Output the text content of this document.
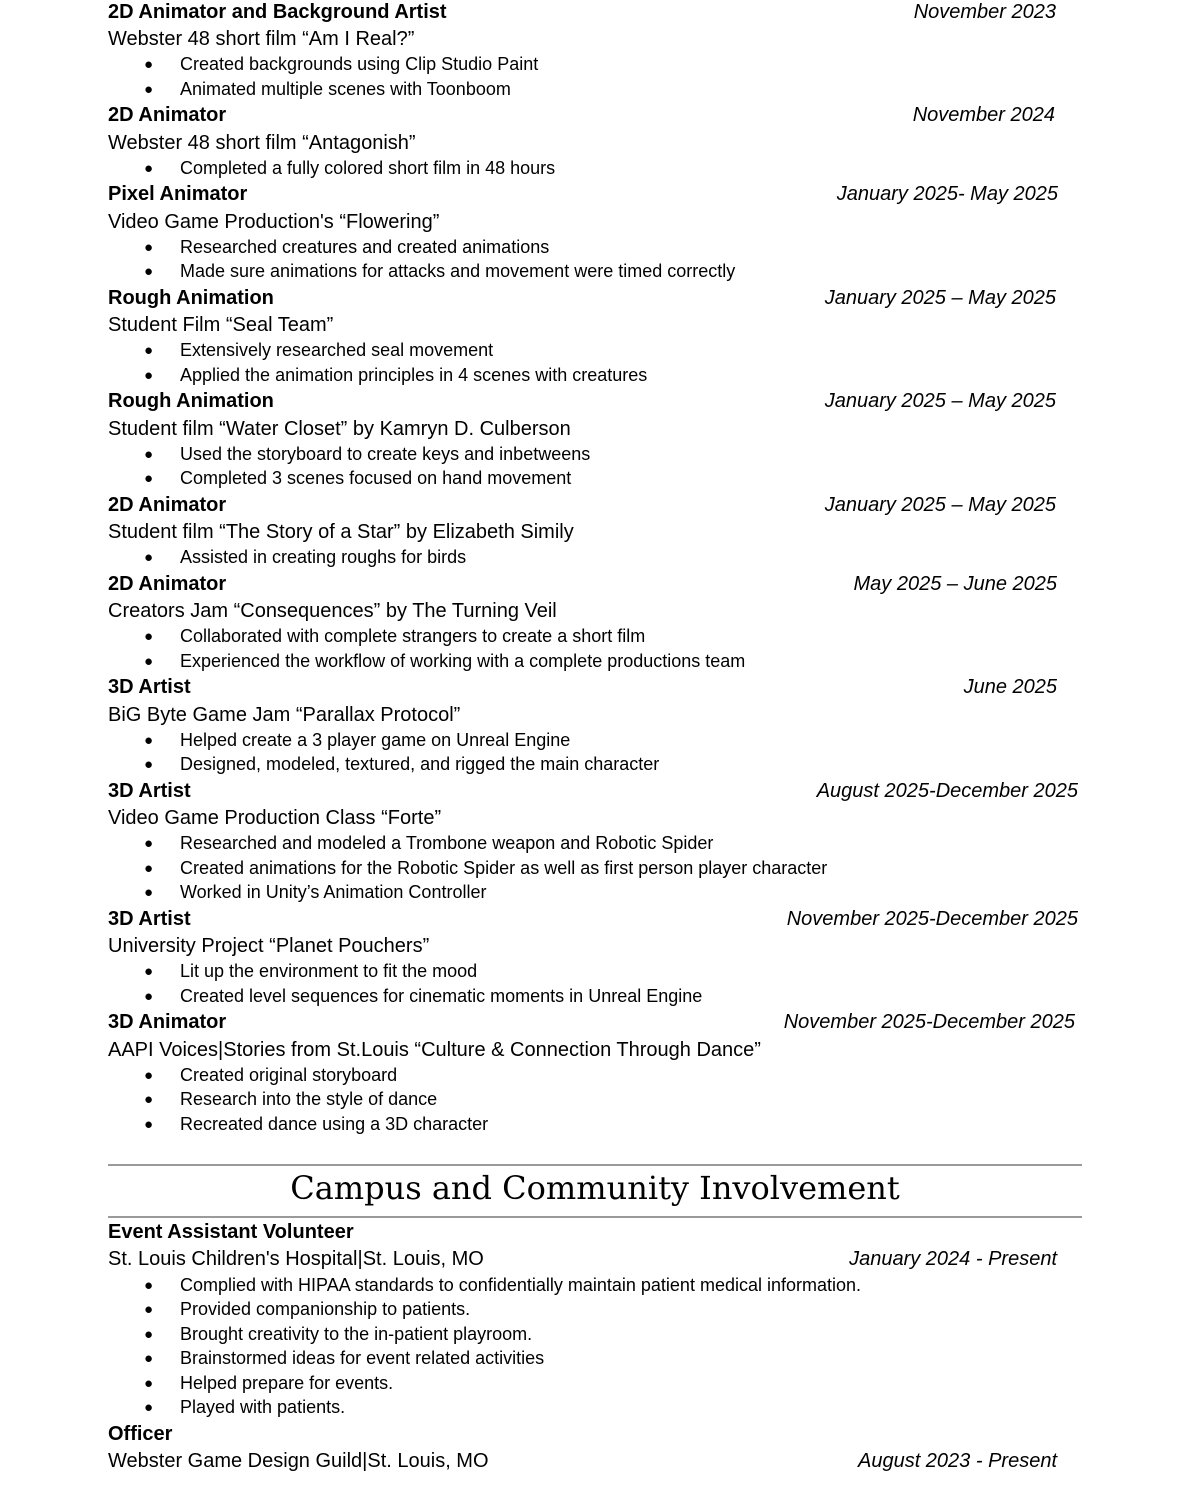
2D Animator and Background Artist	November 2023
Webster 48 short film “Am I Real?”
● Created backgrounds using Clip Studio Paint
● Animated multiple scenes with Toonboom
2D Animator	November 2024
Webster 48 short film “Antagonish”
● Completed a fully colored short film in 48 hours
Pixel Animator	January 2025- May 2025
Video Game Production's “Flowering”
● Researched creatures and created animations
● Made sure animations for attacks and movement were timed correctly
Rough Animation	January 2025 – May 2025
Student Film “Seal Team”
● Extensively researched seal movement
● Applied the animation principles in 4 scenes with creatures
Rough Animation	January 2025 – May 2025
Student film “Water Closet” by Kamryn D. Culberson
● Used the storyboard to create keys and inbetweens
● Completed 3 scenes focused on hand movement
2D Animator	January 2025 – May 2025
Student film “The Story of a Star” by Elizabeth Simily
● Assisted in creating roughs for birds
2D Animator	May 2025 – June 2025
Creators Jam “Consequences” by The Turning Veil
● Collaborated with complete strangers to create a short film
● Experienced the workflow of working with a complete productions team
3D Artist	June 2025
BiG Byte Game Jam “Parallax Protocol”
● Helped create a 3 player game on Unreal Engine
● Designed, modeled, textured, and rigged the main character
3D Artist	August 2025-December 2025
Video Game Production Class “Forte”
● Researched and modeled a Trombone weapon and Robotic Spider
● Created animations for the Robotic Spider as well as first person player character
● Worked in Unity’s Animation Controller
3D Artist	November 2025-December 2025
University Project “Planet Pouchers”
● Lit up the environment to fit the mood
● Created level sequences for cinematic moments in Unreal Engine
3D Animator	November 2025-December 2025
AAPI Voices|Stories from St.Louis “Culture & Connection Through Dance”
● Created original storyboard
● Research into the style of dance
● Recreated dance using a 3D character
Campus and Community Involvement
Event Assistant Volunteer
St. Louis Children's Hospital|St. Louis, MO	January 2024 - Present
● Complied with HIPAA standards to confidentially maintain patient medical information.
● Provided companionship to patients.
● Brought creativity to the in-patient playroom.
● Brainstormed ideas for event related activities
● Helped prepare for events.
● Played with patients.
Officer
Webster Game Design Guild|St. Louis, MO	August 2023 - Present
